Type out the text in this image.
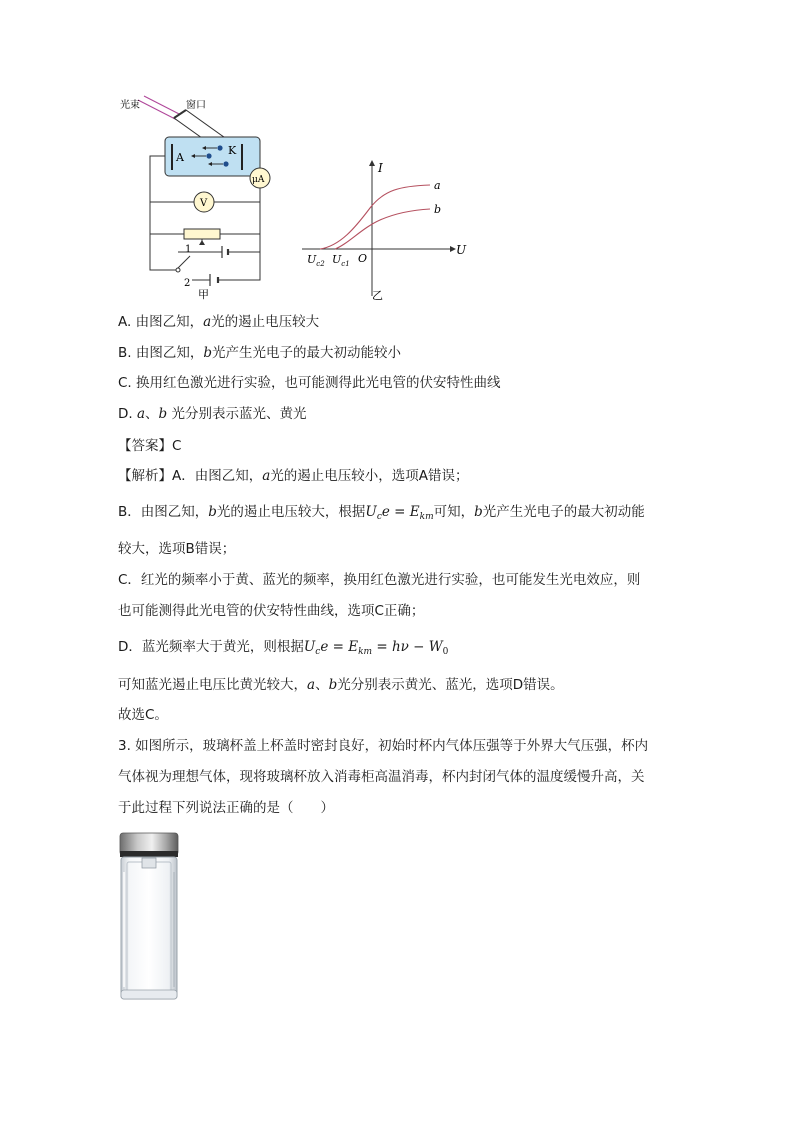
A
K
光束	窗口
μA
V
1
2
甲
I
U
O
a
b
$U_{c2}$ $U_{c1}$
乙
A. 由图乙知，a光的遏止电压较大
B. 由图乙知，b光产生光电子的最大初动能较小
C. 换用红色激光进行实验，也可能测得此光电管的伏安特性曲线
D. a、b 光分别表示蓝光、黄光
【答案】C
【解析】A．由图乙知，a光的遏止电压较小，选项A错误；
B．由图乙知，b光的遏止电压较大，根据$U_ce = E_{km}$可知，b光产生光电子的最大初动能
较大，选项B错误；
C．红光的频率小于黄、蓝光的频率，换用红色激光进行实验，也可能发生光电效应，则
也可能测得此光电管的伏安特性曲线，选项C正确；
D．蓝光频率大于黄光，则根据$U_ce = E_{km} = h\nu - W_0$
可知蓝光遏止电压比黄光较大，a、b光分别表示黄光、蓝光，选项D错误。
故选C。
3. 如图所示，玻璃杯盖上杯盖时密封良好，初始时杯内气体压强等于外界大气压强，杯内
气体视为理想气体，现将玻璃杯放入消毒柜高温消毒，杯内封闭气体的温度缓慢升高，关
于此过程下列说法正确的是（　　）
